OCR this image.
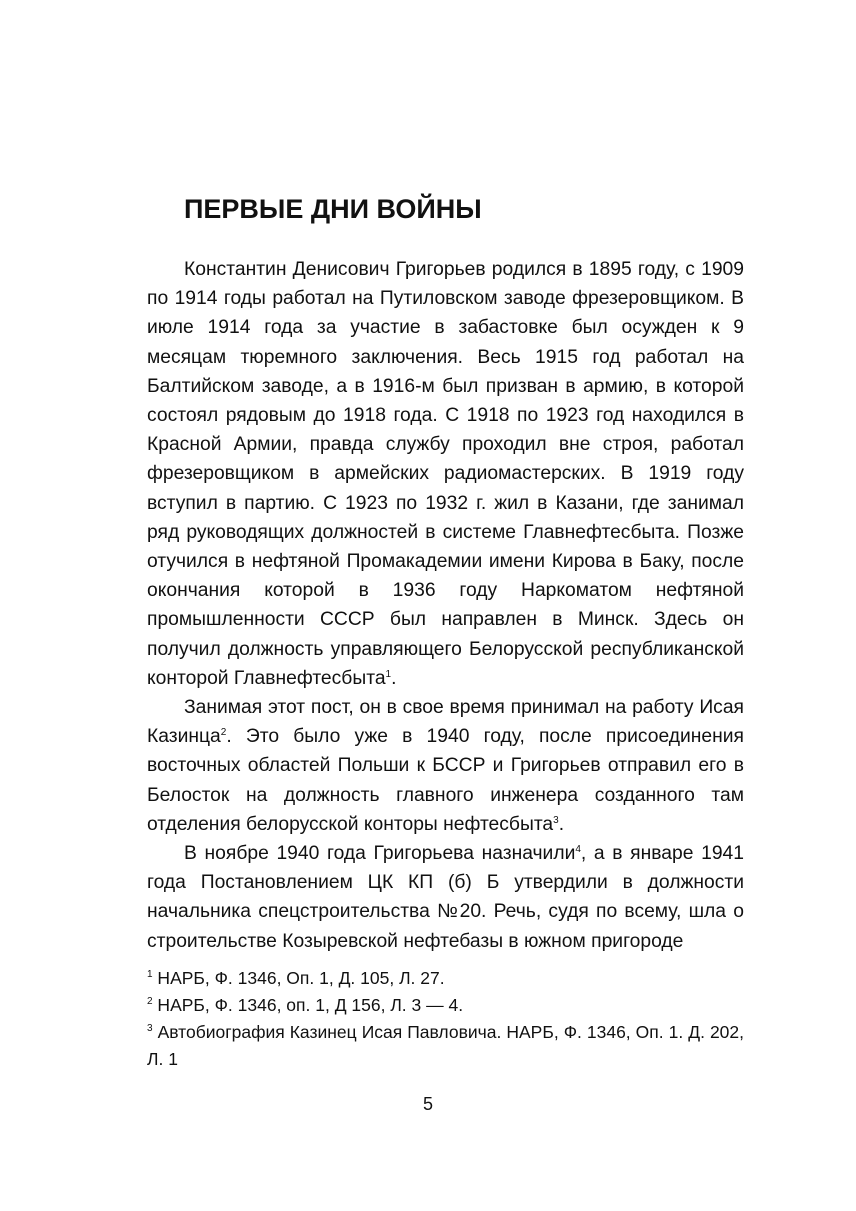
ПЕРВЫЕ ДНИ ВОЙНЫ

Константин Денисович Григорьев родился в 1895 году, с 1909 по 1914 годы работал на Путиловском заводе фрезеровщиком. В июле 1914 года за участие в забастовке был осужден к 9 месяцам тюремного заключения. Весь 1915 год работал на Балтийском заводе, а в 1916-м был призван в армию, в которой состоял рядовым до 1918 года. С 1918 по 1923 год находился в Красной Армии, правда службу проходил вне строя, работал фрезеровщиком в армейских радиомастерских. В 1919 году вступил в партию. С 1923 по 1932 г. жил в Казани, где занимал ряд руководящих должностей в системе Главнефтесбыта. Позже отучился в нефтяной Промакадемии имени Кирова в Баку, после окончания которой в 1936 году Наркоматом нефтяной промышленности СССР был направлен в Минск. Здесь он получил должность управляющего Белорусской республиканской конторой Главнефтесбыта$^1$.

Занимая этот пост, он в свое время принимал на работу Исая Казинца$^2$. Это было уже в 1940 году, после присоединения восточных областей Польши к БССР и Григорьев отправил его в Белосток на должность главного инженера созданного там отделения белорусской конторы нефтесбыта$^3$.

В ноябре 1940 года Григорьева назначили$^4$, а в январе 1941 года Постановлением ЦК КП (б) Б утвердили в должности начальника спецстроительства №20. Речь, судя по всему, шла о строительстве Козыревской нефтебазы в южном пригороде

$^1$ НАРБ, Ф. 1346, Оп. 1, Д. 105, Л. 27.

$^2$ НАРБ, Ф. 1346, оп. 1, Д 156, Л. 3 — 4.

$^3$ Автобиография Казинец Исая Павловича. НАРБ, Ф. 1346, Оп. 1. Д. 202, Л. 1

5
